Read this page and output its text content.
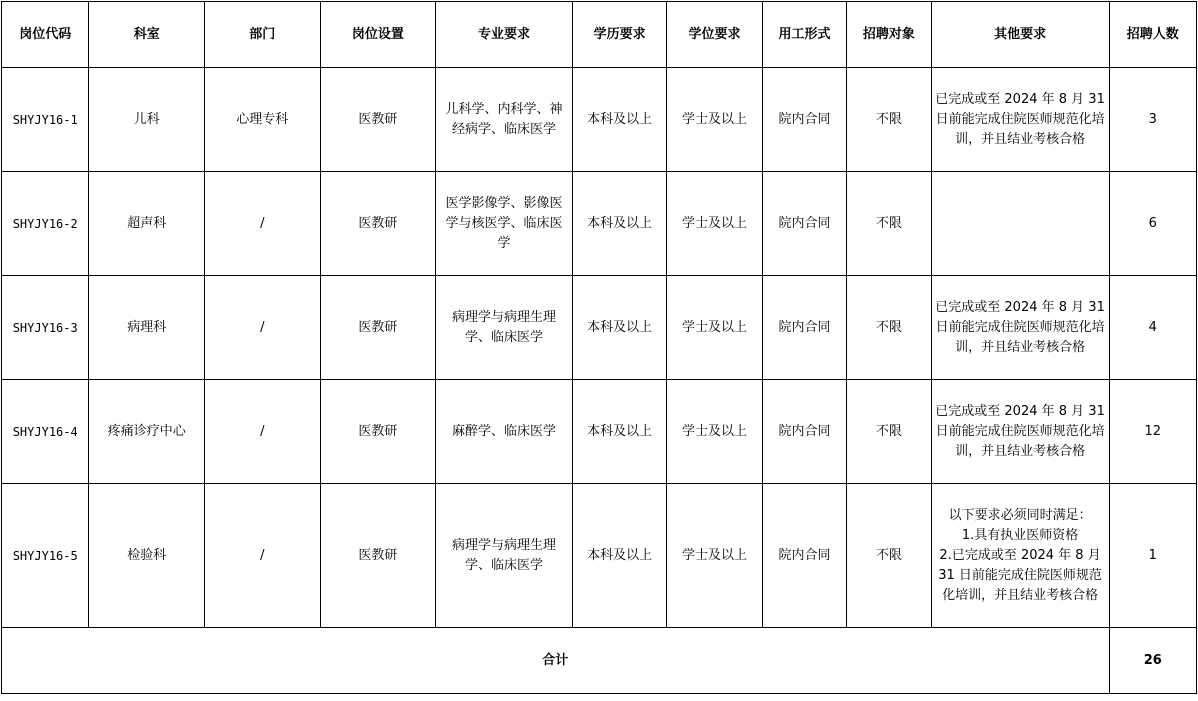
岗位代码	科室	部门	岗位设置	专业要求	学历要求	学位要求	用工形式	招聘对象	其他要求	招聘人数
SHYJY16-1	儿科	心理专科	医教研	儿科学、内科学、神经病学、临床医学	本科及以上	学士及以上	院内合同	不限	已完成或至 2024 年 8 月 31 日前能完成住院医师规范化培训，并且结业考核合格	3
SHYJY16-2	超声科	/	医教研	医学影像学、影像医学与核医学、临床医学	本科及以上	学士及以上	院内合同	不限		6
SHYJY16-3	病理科	/	医教研	病理学与病理生理学、临床医学	本科及以上	学士及以上	院内合同	不限	已完成或至 2024 年 8 月 31 日前能完成住院医师规范化培训，并且结业考核合格	4
SHYJY16-4	疼痛诊疗中心	/	医教研	麻醉学、临床医学	本科及以上	学士及以上	院内合同	不限	已完成或至 2024 年 8 月 31 日前能完成住院医师规范化培训，并且结业考核合格	12
SHYJY16-5	检验科	/	医教研	病理学与病理生理学、临床医学	本科及以上	学士及以上	院内合同	不限	以下要求必须同时满足：
1.具有执业医师资格
2.已完成或至 2024 年 8 月 31 日前能完成住院医师规范化培训，并且结业考核合格	1
合计										26
